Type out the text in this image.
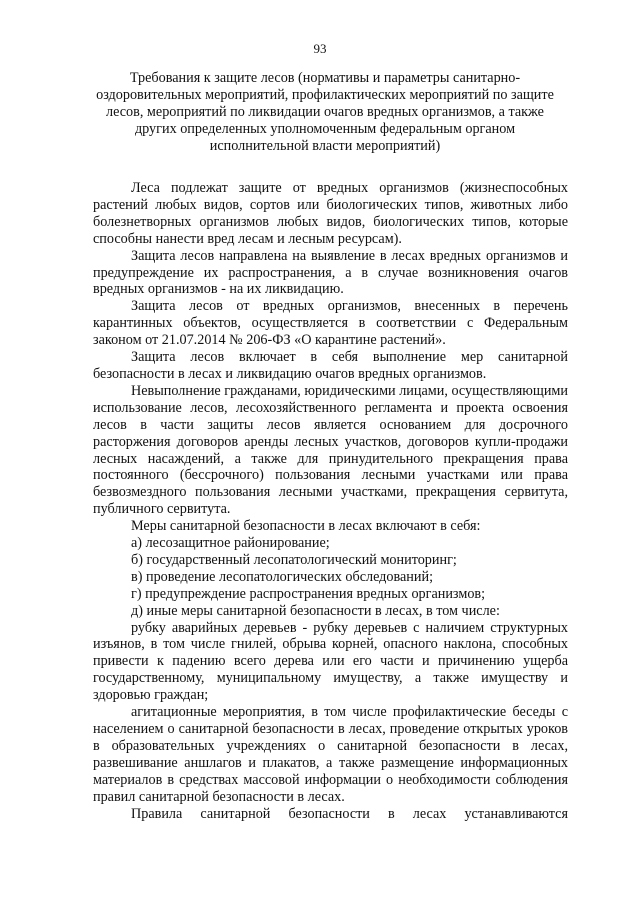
93
Требования к защите лесов (нормативы и параметры санитарно-оздоровительных мероприятий, профилактических мероприятий по защите лесов, мероприятий по ликвидации очагов вредных организмов, а также других определенных уполномоченным федеральным органом исполнительной власти мероприятий)

Леса подлежат защите от вредных организмов (жизнеспособных растений любых видов, сортов или биологических типов, животных либо болезнетворных организмов любых видов, биологических типов, которые способны нанести вред лесам и лесным ресурсам).

Защита лесов направлена на выявление в лесах вредных организмов и предупреждение их распространения, а в случае возникновения очагов вредных организмов - на их ликвидацию.

Защита лесов от вредных организмов, внесенных в перечень карантинных объектов, осуществляется в соответствии с Федеральным законом от 21.07.2014 № 206-ФЗ «О карантине растений».

Защита лесов включает в себя выполнение мер санитарной безопасности в лесах и ликвидацию очагов вредных организмов.

Невыполнение гражданами, юридическими лицами, осуществляющими использование лесов, лесохозяйственного регламента и проекта освоения лесов в части защиты лесов является основанием для досрочного расторжения договоров аренды лесных участков, договоров купли-продажи лесных насаждений, а также для принудительного прекращения права постоянного (бессрочного) пользования лесными участками или права безвозмездного пользования лесными участками, прекращения сервитута, публичного сервитута.

Меры санитарной безопасности в лесах включают в себя:

а) лесозащитное районирование;

б) государственный лесопатологический мониторинг;

в) проведение лесопатологических обследований;

г) предупреждение распространения вредных организмов;

д) иные меры санитарной безопасности в лесах, в том числе:

рубку аварийных деревьев - рубку деревьев с наличием структурных изъянов, в том числе гнилей, обрыва корней, опасного наклона, способных привести к падению всего дерева или его части и причинению ущерба государственному, муниципальному имуществу, а также имуществу и здоровью граждан;

агитационные мероприятия, в том числе профилактические беседы с населением о санитарной безопасности в лесах, проведение открытых уроков в образовательных учреждениях о санитарной безопасности в лесах, развешивание аншлагов и плакатов, а также размещение информационных материалов в средствах массовой информации о необходимости соблюдения правил санитарной безопасности в лесах.

Правила санитарной безопасности в лесах устанавливаются
